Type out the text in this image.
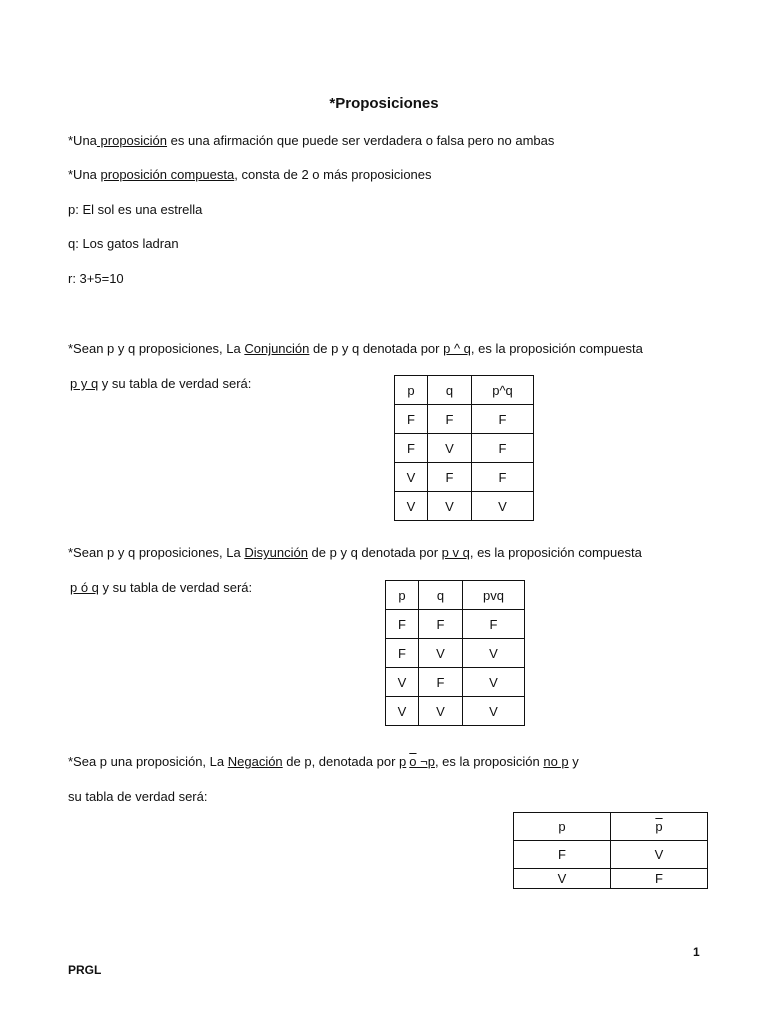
*Proposiciones
*Una proposición es una afirmación que puede ser verdadera o falsa pero no ambas
*Una proposición compuesta, consta de 2 o más proposiciones
p: El sol es una estrella
q: Los gatos ladran
r: 3+5=10
*Sean p y q proposiciones, La Conjunción de p y q denotada por p ^ q, es la proposición compuesta
p y q y su tabla de verdad será:	p	q	p^q
F	F	F
F	V	F
V	F	F
V	V	V
*Sean p y q proposiciones, La Disyunción de p y q denotada por p v q, es la proposición compuesta
p ó q y su tabla de verdad será:	p	q	pvq
F	F	F
F	V	V
V	F	V
V	V	V
*Sea p una proposición, La Negación de p, denotada por p o ¬p, es la proposición no p y
su tabla de verdad será:
p	$\overline{p}$
F	V
V	F
1
PRGL
